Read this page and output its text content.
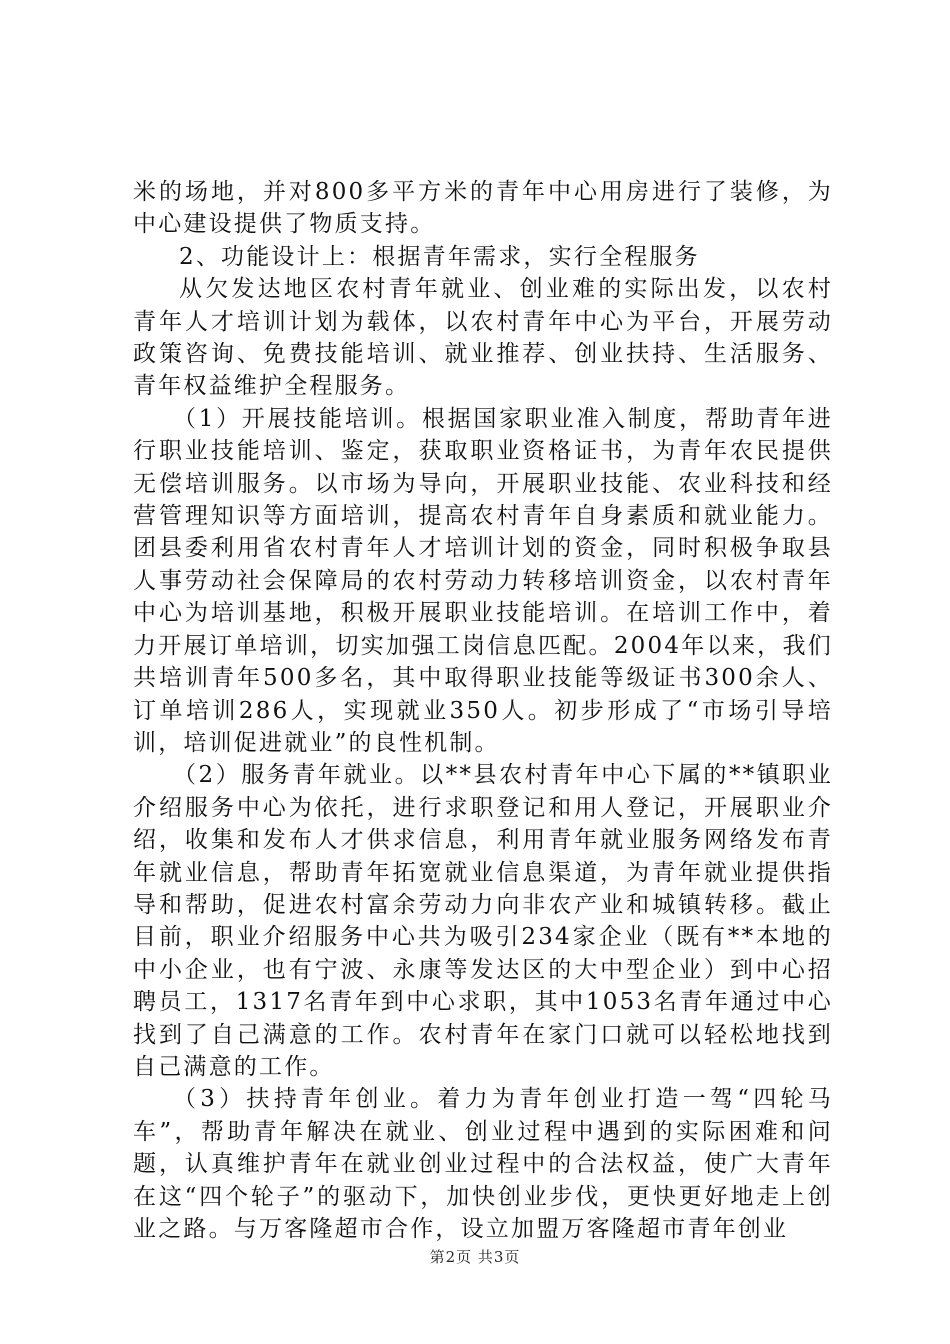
米的场地，并对800多平方米的青年中心用房进行了装修，为中心建设提供了物质支持。

2、功能设计上：根据青年需求，实行全程服务

从欠发达地区农村青年就业、创业难的实际出发，以农村青年人才培训计划为载体，以农村青年中心为平台，开展劳动政策咨询、免费技能培训、就业推荐、创业扶持、生活服务、青年权益维护全程服务。

（1）开展技能培训。根据国家职业准入制度，帮助青年进行职业技能培训、鉴定，获取职业资格证书，为青年农民提供无偿培训服务。以市场为导向，开展职业技能、农业科技和经营管理知识等方面培训，提高农村青年自身素质和就业能力。团县委利用省农村青年人才培训计划的资金，同时积极争取县人事劳动社会保障局的农村劳动力转移培训资金，以农村青年中心为培训基地，积极开展职业技能培训。在培训工作中，着力开展订单培训，切实加强工岗信息匹配。2004年以来，我们共培训青年500多名，其中取得职业技能等级证书300余人、订单培训286人，实现就业350人。初步形成了“市场引导培训，培训促进就业”的良性机制。

（2）服务青年就业。以**县农村青年中心下属的**镇职业介绍服务中心为依托，进行求职登记和用人登记，开展职业介绍，收集和发布人才供求信息，利用青年就业服务网络发布青年就业信息，帮助青年拓宽就业信息渠道，为青年就业提供指导和帮助，促进农村富余劳动力向非农产业和城镇转移。截止目前，职业介绍服务中心共为吸引234家企业（既有**本地的中小企业，也有宁波、永康等发达区的大中型企业）到中心招聘员工，1317名青年到中心求职，其中1053名青年通过中心找到了自己满意的工作。农村青年在家门口就可以轻松地找到自己满意的工作。

（3）扶持青年创业。着力为青年创业打造一驾“四轮马车”，帮助青年解决在就业、创业过程中遇到的实际困难和问题，认真维护青年在就业创业过程中的合法权益，使广大青年在这“四个轮子”的驱动下，加快创业步伐，更快更好地走上创业之路。与万客隆超市合作，设立加盟万客隆超市青年创业

第2页 共3页
